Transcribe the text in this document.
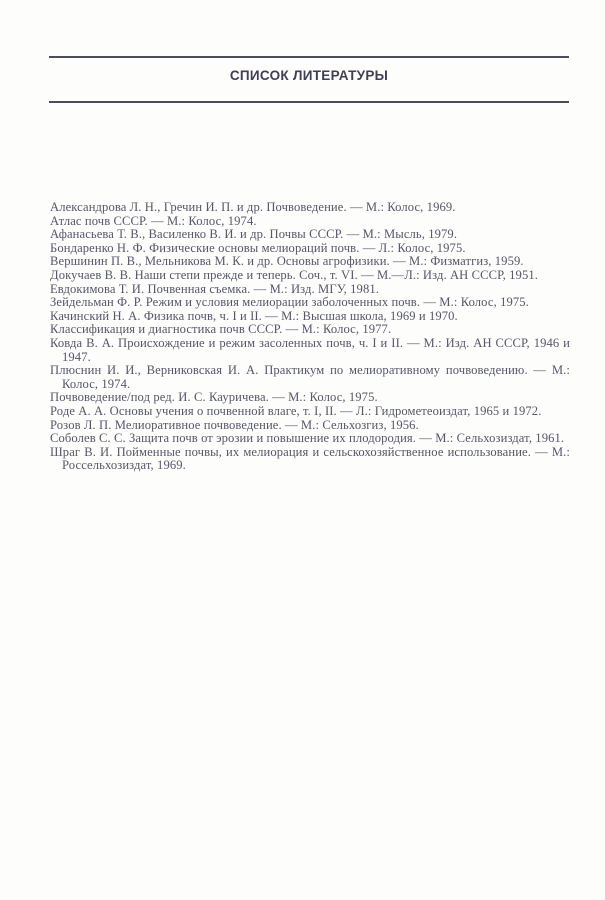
СПИСОК ЛИТЕРАТУРЫ
Александрова Л. Н., Гречин И. П. и др. Почвоведение. — М.: Колос, 1969.
Атлас почв СССР. — М.: Колос, 1974.
Афанасьева Т. В., Василенко В. И. и др. Почвы СССР. — М.: Мысль, 1979.
Бондаренко Н. Ф. Физические основы мелиораций почв. — Л.: Колос, 1975.
Вершинин П. В., Мельникова М. К. и др. Основы агрофизики. — М.: Физматгиз, 1959.
Докучаев В. В. Наши степи прежде и теперь. Соч., т. VI. — М.—Л.: Изд. АН СССР, 1951.
Евдокимова Т. И. Почвенная съемка. — М.: Изд. МГУ, 1981.
Зейдельман Ф. Р. Режим и условия мелиорации заболоченных почв. — М.: Колос, 1975.
Качинский Н. А. Физика почв, ч. I и II. — М.: Высшая школа, 1969 и 1970.
Классификация и диагностика почв СССР. — М.: Колос, 1977.
Ковда В. А. Происхождение и режим засоленных почв, ч. I и II. — М.: Изд. АН СССР, 1946 и 1947.
Плюснин И. И., Верниковская И. А. Практикум по мелиоративному почвоведению. — М.: Колос, 1974.
Почвоведение/под ред. И. С. Кауричева. — М.: Колос, 1975.
Роде А. А. Основы учения о почвенной влаге, т. I, II. — Л.: Гидрометеоиздат, 1965 и 1972.
Розов Л. П. Мелиоративное почвоведение. — М.: Сельхозгиз, 1956.
Соболев С. С. Защита почв от эрозии и повышение их плодородия. — М.: Сельхозиздат, 1961.
Шраг В. И. Пойменные почвы, их мелиорация и сельскохозяйственное использование. — М.: Россельхозиздат, 1969.
